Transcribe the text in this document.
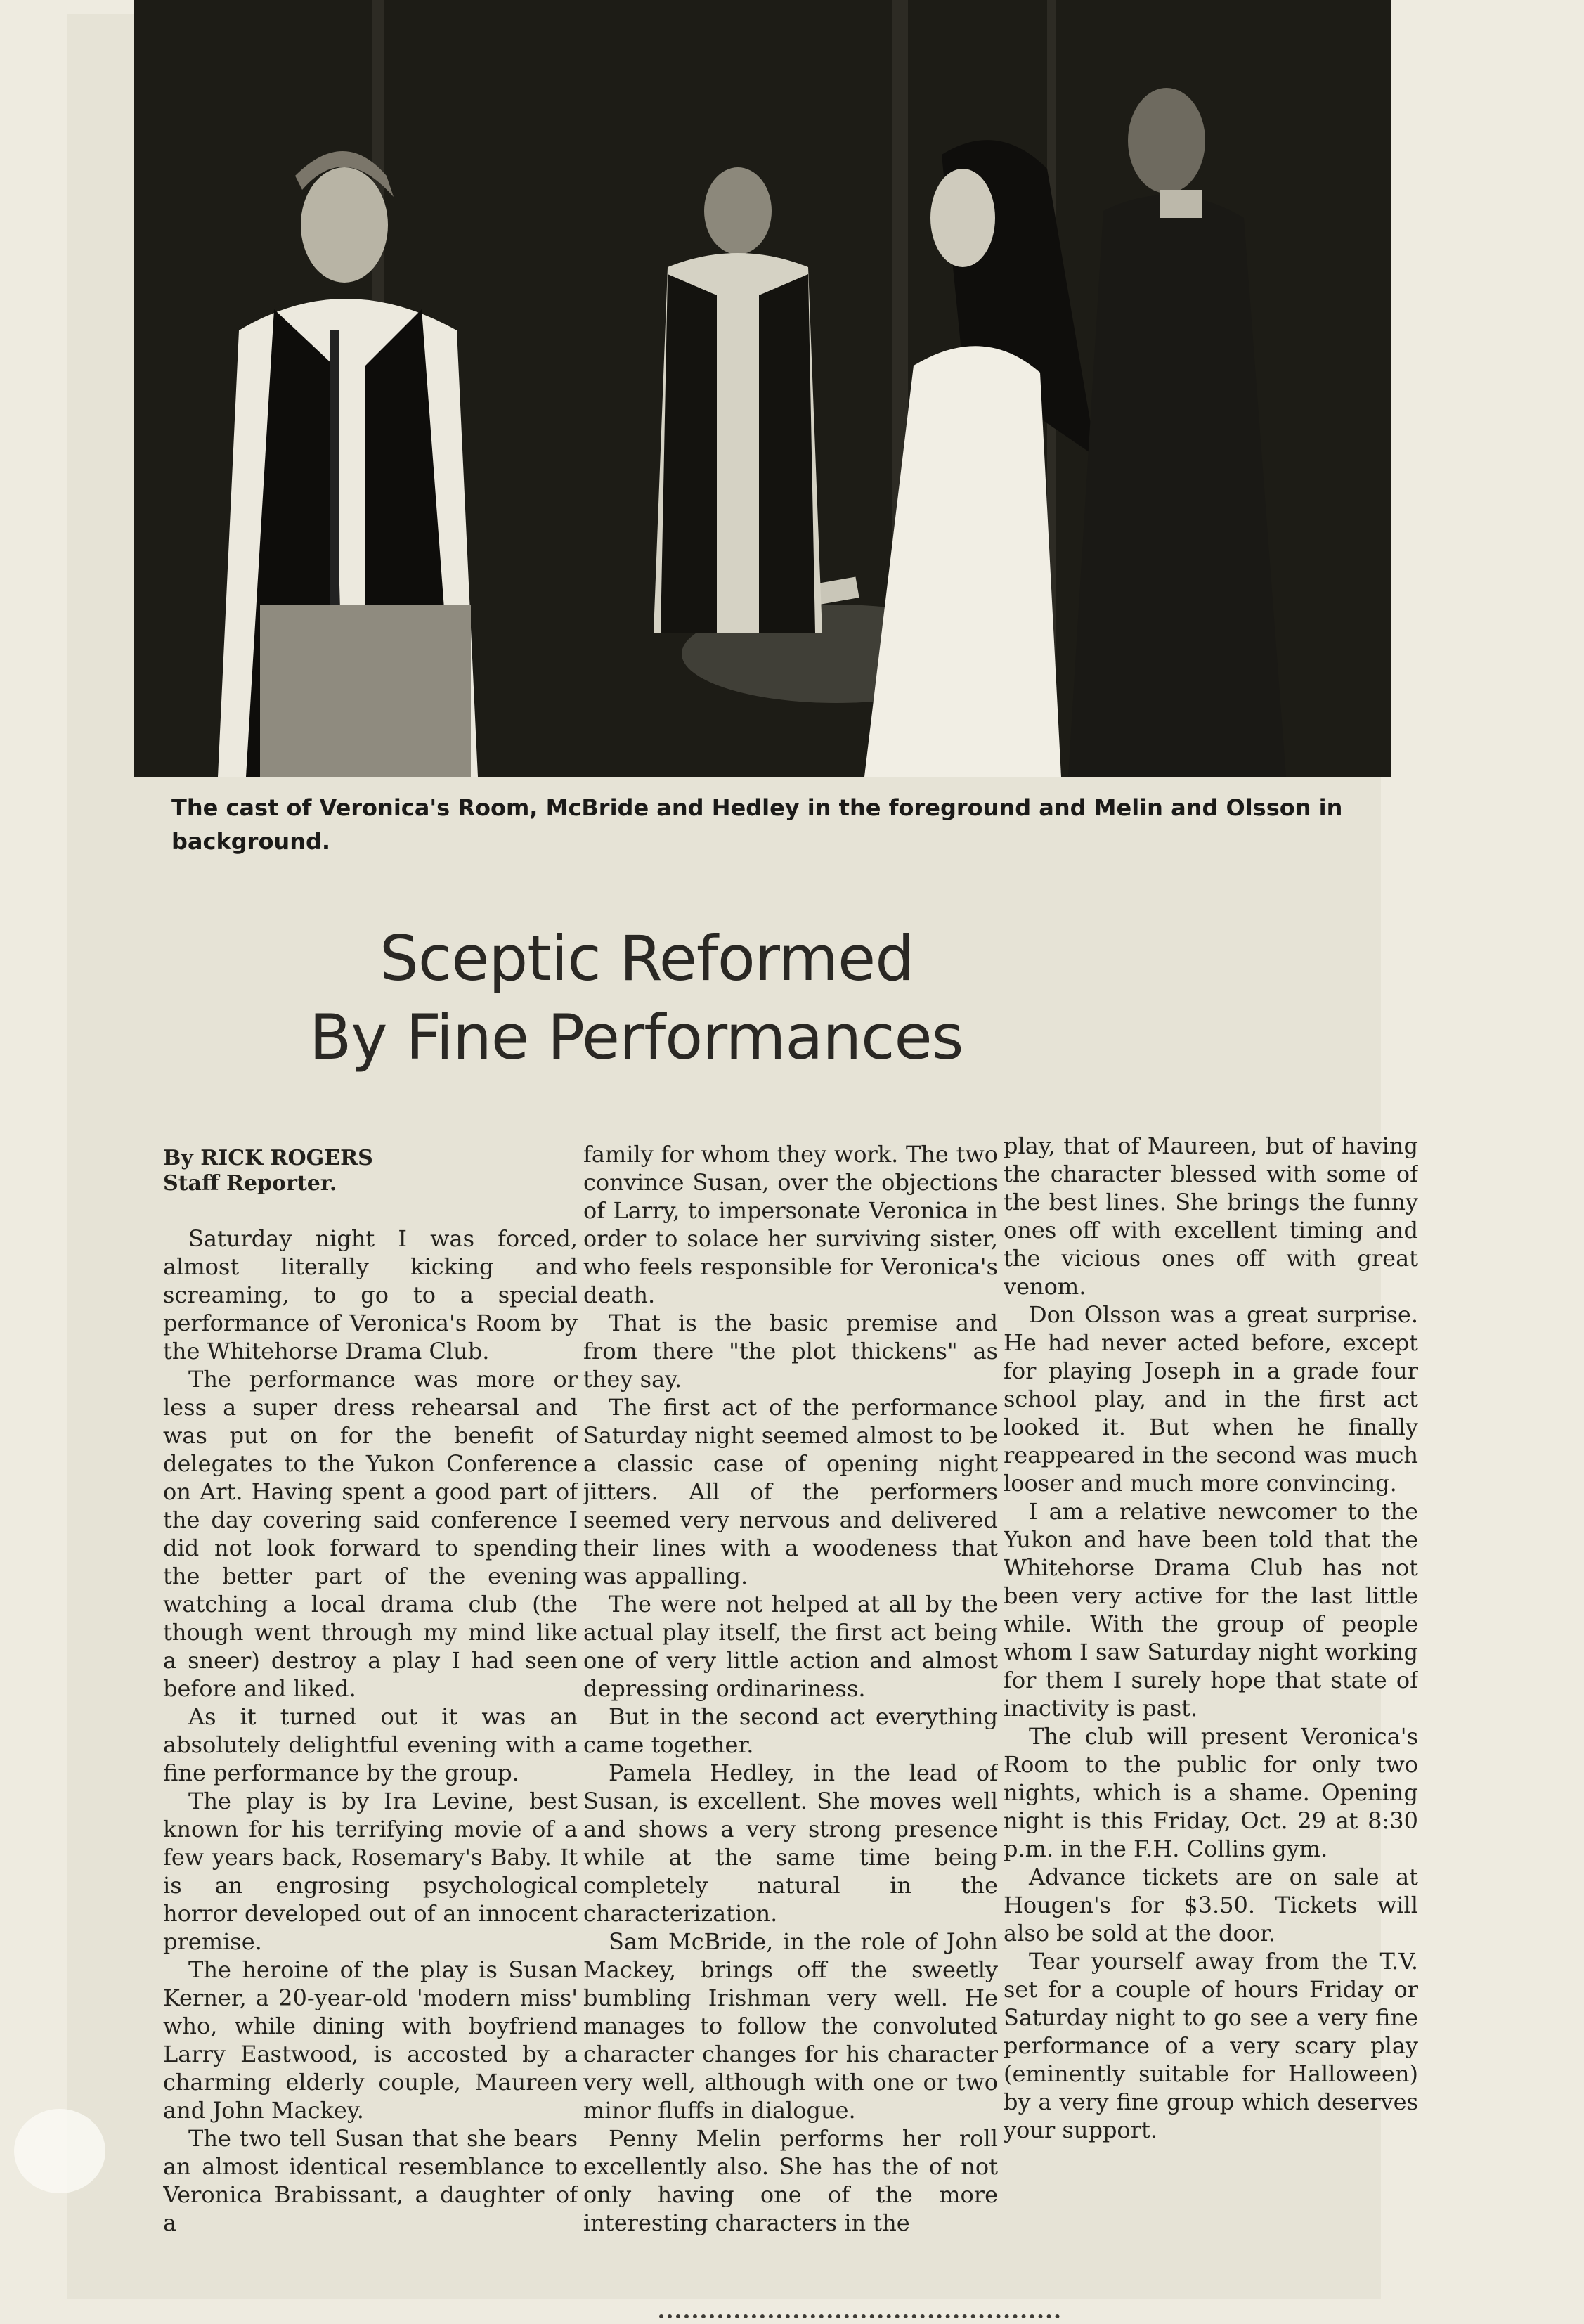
The cast of Veronica's Room, McBride and Hedley in the foreground and Melin and Olsson in background.
Sceptic Reformed
By Fine Performances

By RICK ROGERS

Staff Reporter.

Saturday night I was forced, almost literally kicking and screaming, to go to a special performance of Veronica's Room by the Whitehorse Drama Club.

The performance was more or less a super dress rehearsal and was put on for the benefit of delegates to the Yukon Conference on Art. Having spent a good part of the day covering said conference I did not look forward to spending the better part of the evening watching a local drama club (the though went through my mind like a sneer) destroy a play I had seen before and liked.

As it turned out it was an absolutely delightful evening with a fine performance by the group.

The play is by Ira Levine, best known for his terrifying movie of a few years back, Rosemary's Baby. It is an engrosing psychological horror developed out of an innocent premise.

The heroine of the play is Susan Kerner, a 20-year-old 'modern miss' who, while dining with boyfriend Larry Eastwood, is accosted by a charming elderly couple, Maureen and John Mackey.

The two tell Susan that she bears an almost identical resemblance to Veronica Brabissant, a daughter of a

family for whom they work. The two convince Susan, over the objections of Larry, to impersonate Veronica in order to solace her surviving sister, who feels responsible for Veronica's death.

That is the basic premise and from there "the plot thickens" as they say.

The first act of the performance Saturday night seemed almost to be a classic case of opening night jitters. All of the performers seemed very nervous and delivered their lines with a woodeness that was appalling.

The were not helped at all by the actual play itself, the first act being one of very little action and almost depressing ordinariness.

But in the second act everything came together.

Pamela Hedley, in the lead of Susan, is excellent. She moves well and shows a very strong presence while at the same time being completely natural in the characterization.

Sam McBride, in the role of John Mackey, brings off the sweetly bumbling Irishman very well. He manages to follow the convoluted character changes for his character very well, although with one or two minor fluffs in dialogue.

Penny Melin performs her roll excellently also. She has the of not only having one of the more interesting characters in the

play, that of Maureen, but of having the character blessed with some of the best lines. She brings the funny ones off with excellent timing and the vicious ones off with great venom.

Don Olsson was a great surprise. He had never acted before, except for playing Joseph in a grade four school play, and in the first act looked it. But when he finally reappeared in the second was much looser and much more convincing.

I am a relative newcomer to the Yukon and have been told that the Whitehorse Drama Club has not been very active for the last little while. With the group of people whom I saw Saturday night working for them I surely hope that state of inactivity is past.

The club will present Veronica's Room to the public for only two nights, which is a shame. Opening night is this Friday, Oct. 29 at 8:30 p.m. in the F.H. Collins gym.

Advance tickets are on sale at Hougen's for $3.50. Tickets will also be sold at the door.

Tear yourself away from the T.V. set for a couple of hours Friday or Saturday night to go see a very fine performance of a very scary play (eminently suitable for Halloween) by a very fine group which deserves your support.
